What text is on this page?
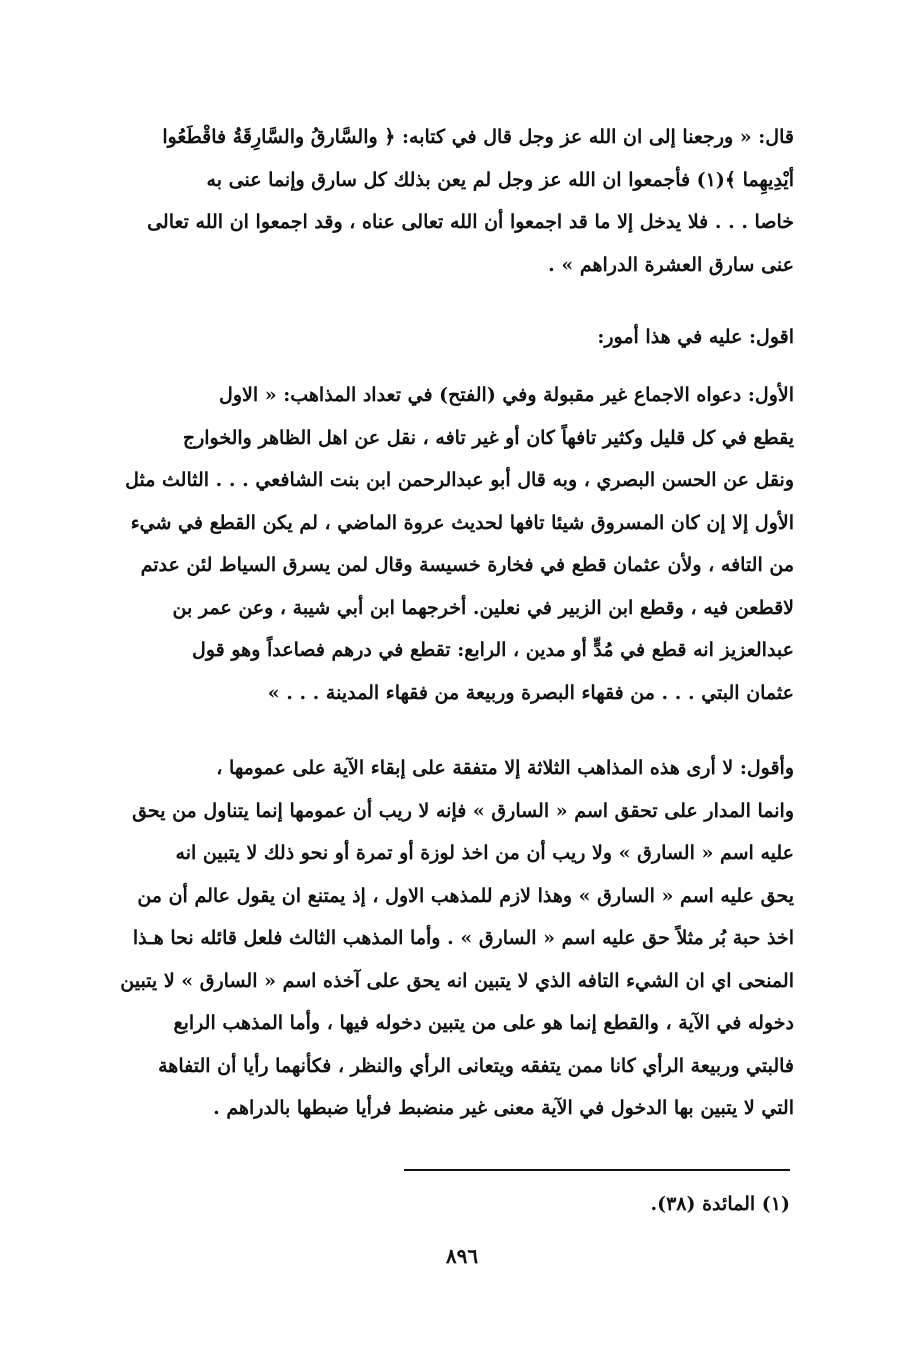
قال: « ورجعنا إلى ان الله عز وجل قال في كتابه: ﴿ والسَّارقُ والسَّارِقَةُ فاقْطَعُوا
أيْدِيهِما ﴾(١) فأجمعوا ان الله عز وجل لم يعن بذلك كل سارق وإنما عنى به
خاصا . . . فلا يدخل إلا ما قد اجمعوا أن الله تعالى عناه ، وقد اجمعوا ان الله تعالى
عنى سارق العشرة الدراهم » .
اقول: عليه في هذا أمور:
الأول: دعواه الاجماع غير مقبولة وفي (الفتح) في تعداد المذاهب: « الاول
يقطع في كل قليل وكثير تافهاً كان أو غير تافه ، نقل عن اهل الظاهر والخوارج
ونقل عن الحسن البصري ، وبه قال أبو عبدالرحمن ابن بنت الشافعي . . . الثالث مثل
الأول إلا إن كان المسروق شيئا تافها لحديث عروة الماضي ، لم يكن القطع في شيء
من التافه ، ولأن عثمان قطع في فخارة خسيسة وقال لمن يسرق السياط لئن عدتم
لاقطعن فيه ، وقطع ابن الزبير في نعلين. أخرجهما ابن أبي شيبة ، وعن عمر بن
عبدالعزيز انه قطع في مُدٍّ أو مدين ، الرابع: تقطع في درهم فصاعداً وهو قول
عثمان البتي . . . من فقهاء البصرة وربيعة من فقهاء المدينة . . . »
وأقول: لا أرى هذه المذاهب الثلاثة إلا متفقة على إبقاء الآية على عمومها ،
وانما المدار على تحقق اسم « السارق » فإنه لا ريب أن عمومها إنما يتناول من يحق
عليه اسم « السارق » ولا ريب أن من اخذ لوزة أو تمرة أو نحو ذلك لا يتبين انه
يحق عليه اسم « السارق » وهذا لازم للمذهب الاول ، إذ يمتنع ان يقول عالم أن من
اخذ حبة بُر مثلاً حق عليه اسم « السارق » . وأما المذهب الثالث فلعل قائله نحا هـذا
المنحى اي ان الشيء التافه الذي لا يتبين انه يحق على آخذه اسم « السارق » لا يتبين
دخوله في الآية ، والقطع إنما هو على من يتبين دخوله فيها ، وأما المذهب الرابع
فالبتي وربيعة الرأي كانا ممن يتفقه ويتعانى الرأي والنظر ، فكأنهما رأيا أن التفاهة
التي لا يتبين بها الدخول في الآية معنى غير منضبط فرأيا ضبطها بالدراهم .
(١) المائدة (٣٨).
٨٩٦
